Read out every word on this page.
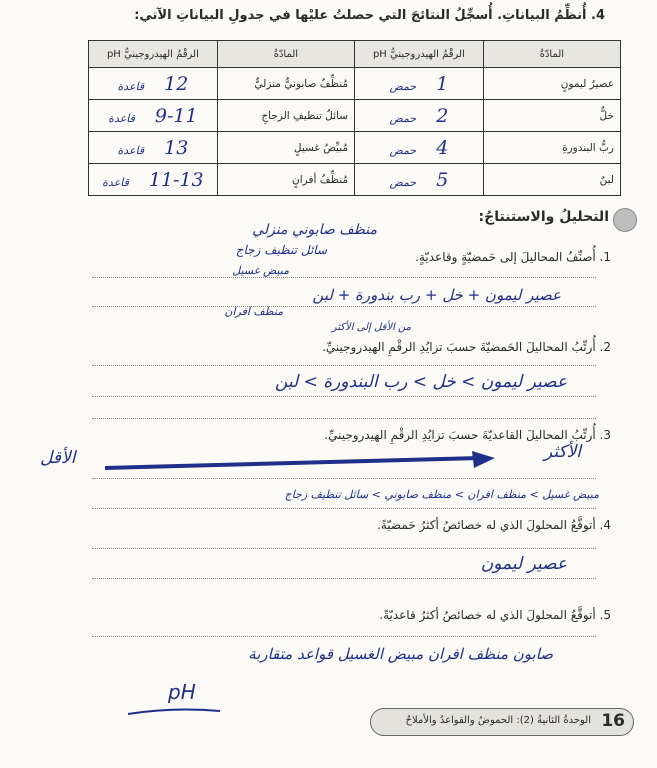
4. أُنظِّمُ البياناتِ. أُسجِّلُ النتائجَ التي حصلتُ عليْها في جدولِ البياناتِ الآتي:
المادّةُ	الرقْمُ الهيدروجينيُّ pH	المادّةُ	الرقْمُ الهيدروجينيُّ pH
عصيرُ ليمونٍ	1حمض	مُنظِّفٌ صابونيٌّ منزليٌّ	12قاعدة
خلٌّ	2حمض	سائلُ تنظيفِ الزجاجِ	9-11قاعدة
ربُّ البندورةِ	4حمض	مُبيِّضُ غسيلٍ	13قاعدة
لبنٌ	5حمض	مُنظِّفُ أفرانٍ	11-13قاعدة
التحليلُ والاستنتاجُ:
منظف صابوني منزلي
سائل تنظيف زجاج	1. أُصنِّفُ المحاليلَ إلى حَمضيّةٍ وقاعديّةٍ.
مبيض غسيل
عصير ليمون + خل + رب بندورة + لبن
منظف افران
من الأقل إلى الأكثر
2. أُرتِّبُ المحاليلَ الحَمضيّةَ حسبَ تزايُدِ الرقْمِ الهيدروجينيِّ.
عصير ليمون > خل > رب البندورة > لبن
3. أُرتِّبُ المحاليلَ القاعديّةَ حسبَ تزايُدِ الرقْمِ الهيدروجينيِّ.
الأقل	الأكثر
مبيض غسيل > منظف افران > منظف صابوني > سائل تنظيف زجاج
4. أتوقَّعُ المحلولَ الذي له خصائصُ أكثرُ حَمضيّةً.
عصير ليمون
5. أتوقَّعُ المحلولَ الذي له خصائصُ أكثرُ قاعديّةً.
صابون منظف افران مبيض الغسيل قواعد متقاربة
pH
16
الوحدةُ الثانيةُ (2): الحموضُ والقواعدُ والأملاحُ
